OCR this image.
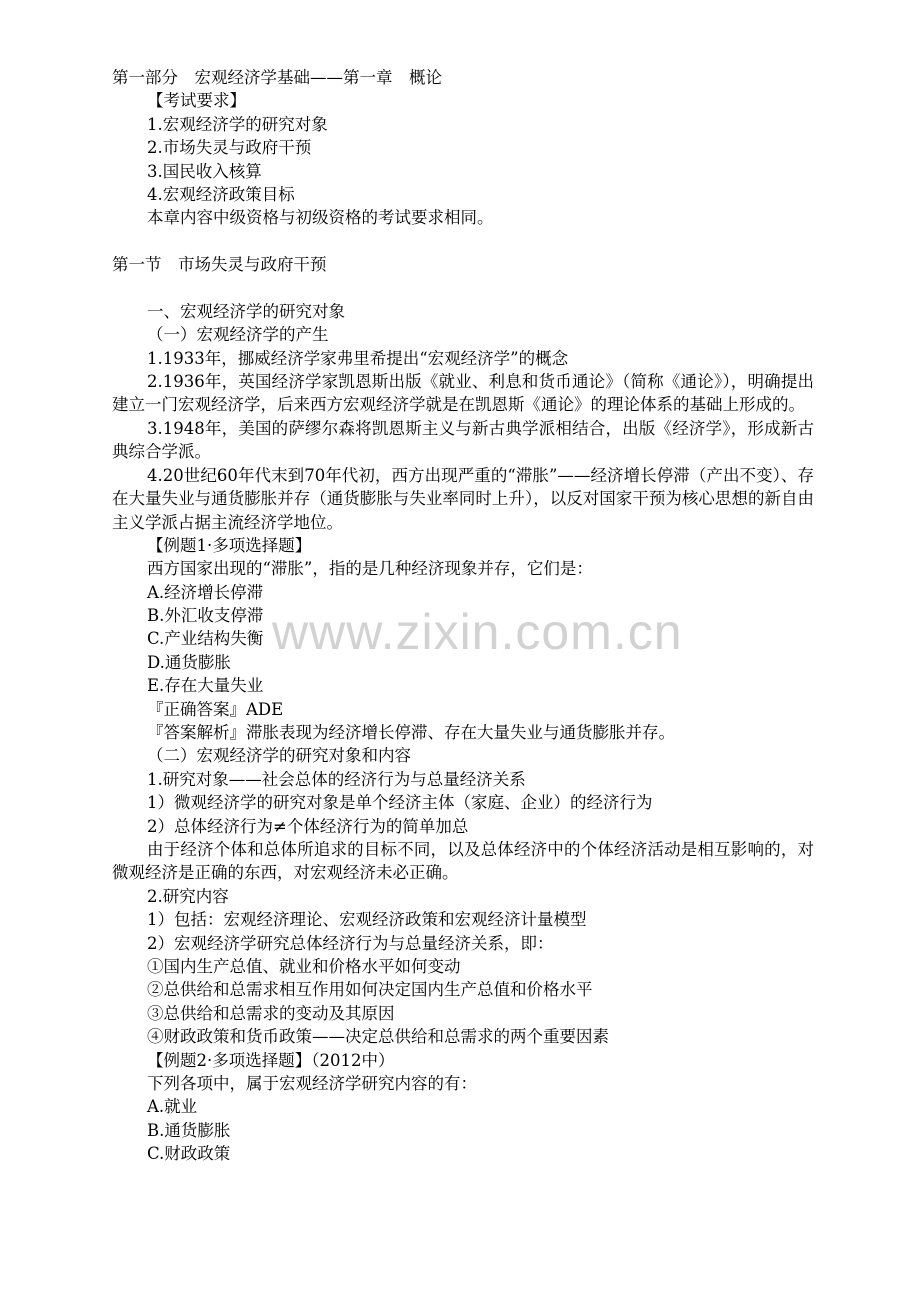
第一部分　宏观经济学基础——第一章　概论
【考试要求】
1.宏观经济学的研究对象
2.市场失灵与政府干预
3.国民收入核算
4.宏观经济政策目标
本章内容中级资格与初级资格的考试要求相同。
第一节　市场失灵与政府干预
一、宏观经济学的研究对象
（一）宏观经济学的产生
1.1933年，挪威经济学家弗里希提出“宏观经济学”的概念
2.1936年，英国经济学家凯恩斯出版《就业、利息和货币通论》（简称《通论》），明确提出建立一门宏观经济学，后来西方宏观经济学就是在凯恩斯《通论》的理论体系的基础上形成的。
3.1948年，美国的萨缪尔森将凯恩斯主义与新古典学派相结合，出版《经济学》，形成新古典综合学派。
4.20世纪60年代末到70年代初，西方出现严重的“滞胀”——经济增长停滞（产出不变）、存在大量失业与通货膨胀并存（通货膨胀与失业率同时上升），以反对国家干预为核心思想的新自由主义学派占据主流经济学地位。
【例题1·多项选择题】
西方国家出现的“滞胀”，指的是几种经济现象并存，它们是：
A.经济增长停滞
B.外汇收支停滞
C.产业结构失衡
D.通货膨胀
E.存在大量失业
『正确答案』ADE
『答案解析』滞胀表现为经济增长停滞、存在大量失业与通货膨胀并存。
（二）宏观经济学的研究对象和内容
1.研究对象——社会总体的经济行为与总量经济关系
1）微观经济学的研究对象是单个经济主体（家庭、企业）的经济行为
2）总体经济行为≠个体经济行为的简单加总
由于经济个体和总体所追求的目标不同，以及总体经济中的个体经济活动是相互影响的，对微观经济是正确的东西，对宏观经济未必正确。
2.研究内容
1）包括：宏观经济理论、宏观经济政策和宏观经济计量模型
2）宏观经济学研究总体经济行为与总量经济关系，即：
①国内生产总值、就业和价格水平如何变动
②总供给和总需求相互作用如何决定国内生产总值和价格水平
③总供给和总需求的变动及其原因
④财政政策和货币政策——决定总供给和总需求的两个重要因素
【例题2·多项选择题】（2012中）
下列各项中，属于宏观经济学研究内容的有：
A.就业
B.通货膨胀
C.财政政策
www.zixin.com.cn
